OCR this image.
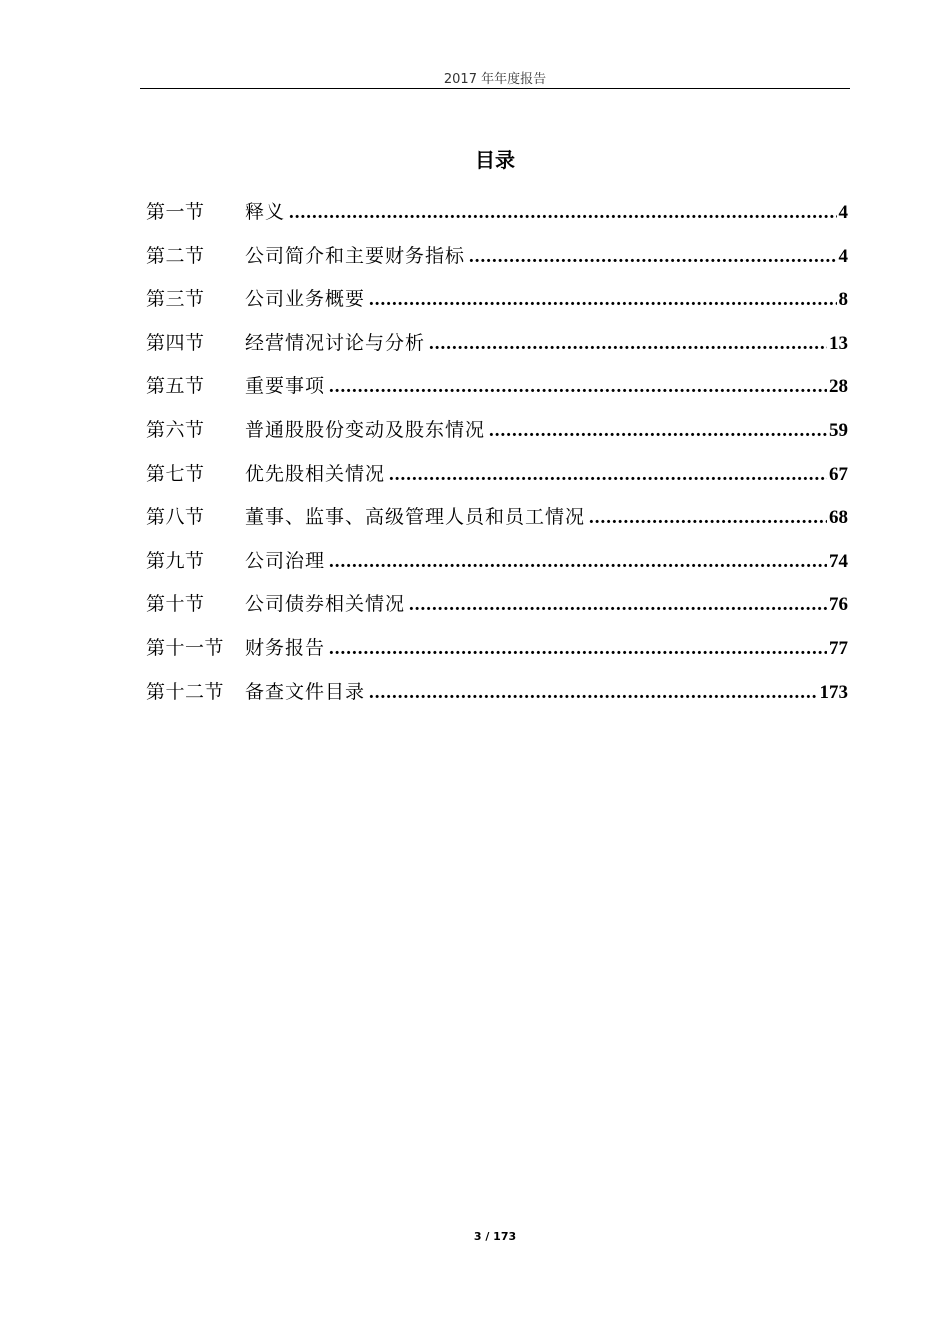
2017 年年度报告
目录
第一节	释义 .....	4
第二节	公司简介和主要财务指标 .....	4
第三节	公司业务概要 .....	8
第四节	经营情况讨论与分析 .....	13
第五节	重要事项 .....	28
第六节	普通股股份变动及股东情况 .....	59
第七节	优先股相关情况 .....	67
第八节	董事、监事、高级管理人员和员工情况 .....	68
第九节	公司治理 .....	74
第十节	公司债券相关情况 .....	76
第十一节	财务报告 .....	77
第十二节	备查文件目录 .....	173
3 / 173
